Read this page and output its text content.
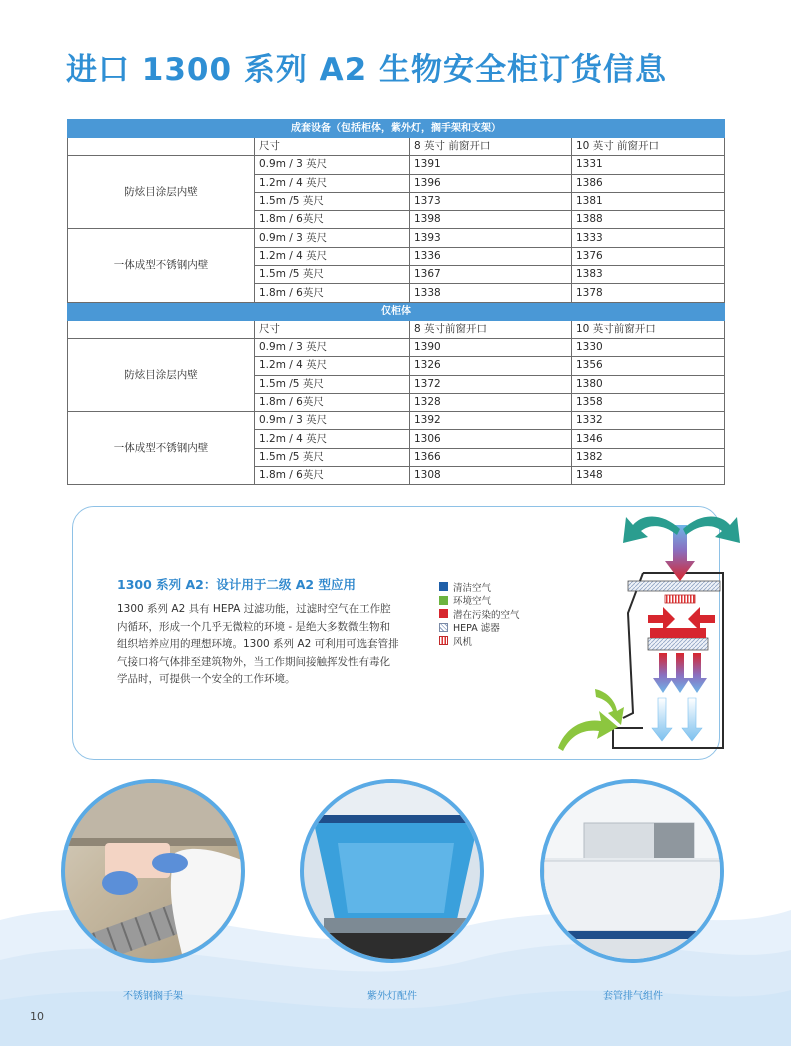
进口 1300 系列 A2 生物安全柜订货信息
成套设备（包括柜体，紫外灯，搁手架和支架）			
	尺寸	8 英寸 前窗开口	10 英寸 前窗开口
防炫目涂层内壁	0.9m / 3 英尺	1391	1331
	1.2m / 4 英尺	1396	1386
	1.5m /5 英尺	1373	1381
	1.8m / 6英尺	1398	1388
一体成型不锈钢内壁	0.9m / 3 英尺	1393	1333
	1.2m / 4 英尺	1336	1376
	1.5m /5 英尺	1367	1383
	1.8m / 6英尺	1338	1378
仅柜体			
	尺寸	8 英寸前窗开口	10 英寸前窗开口
防炫目涂层内壁	0.9m / 3 英尺	1390	1330
	1.2m / 4 英尺	1326	1356
	1.5m /5 英尺	1372	1380
	1.8m / 6英尺	1328	1358
一体成型不锈钢内壁	0.9m / 3 英尺	1392	1332
	1.2m / 4 英尺	1306	1346
	1.5m /5 英尺	1366	1382
	1.8m / 6英尺	1308	1348
1300 系列 A2：设计用于二级 A2 型应用
1300 系列 A2 具有 HEPA 过滤功能，过滤时空气在工作腔内循环，形成一个几乎无微粒的环境 - 是绝大多数微生物和组织培养应用的理想环境。1300 系列 A2 可利用可选套管排气接口将气体排至建筑物外，当工作期间接触挥发性有毒化学品时，可提供一个安全的工作环境。
清洁空气
环境空气
潜在污染的空气
HEPA 滤器
风机
不锈钢搁手架	紫外灯配件	套管排气组件
10
